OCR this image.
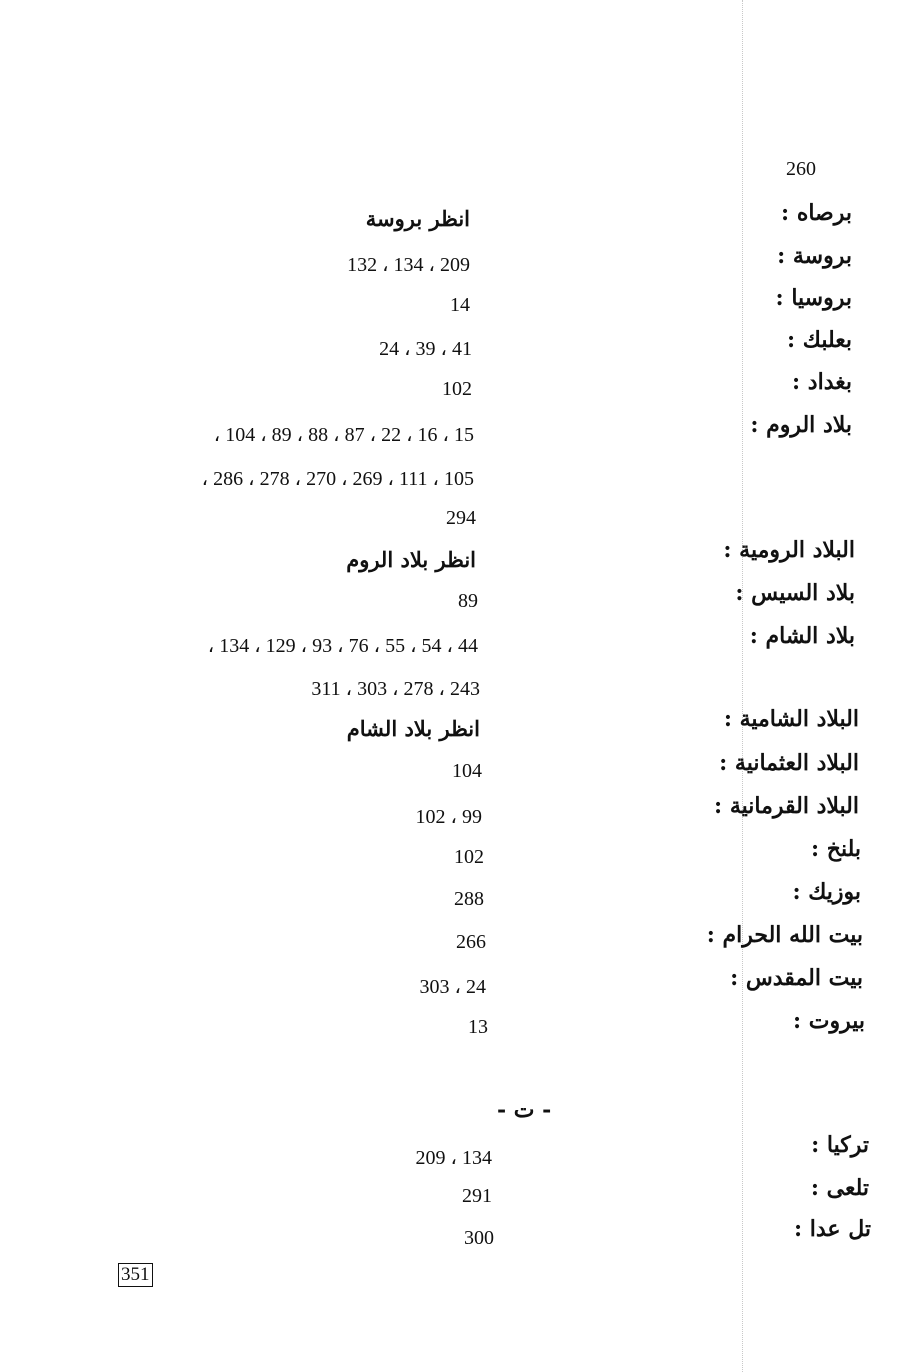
260
برصاه :
انظر بروسة
بروسة :
209 ، 134 ، 132
بروسيا :
14
بعلبك :
41 ، 39 ، 24
بغداد :
102
بلاد الروم :
15 ، 16 ، 22 ، 87 ، 88 ، 89 ، 104 ،
105 ، 111 ، 269 ، 270 ، 278 ، 286 ،
294
البلاد الرومية :
انظر بلاد الروم
بلاد السيس :
89
بلاد الشام :
44 ، 54 ، 55 ، 76 ، 93 ، 129 ، 134 ،
243 ، 278 ، 303 ، 311
البلاد الشامية :
انظر بلاد الشام
البلاد العثمانية :
104
البلاد القرمانية :
99 ، 102
بلنخ :
102
بوزيك :
288
بيت الله الحرام :
266
بيت المقدس :
24 ، 303
بيروت :
13
- ت -
تركيا :
134 ، 209
تلعى :
291
تل عدا :
300
351
